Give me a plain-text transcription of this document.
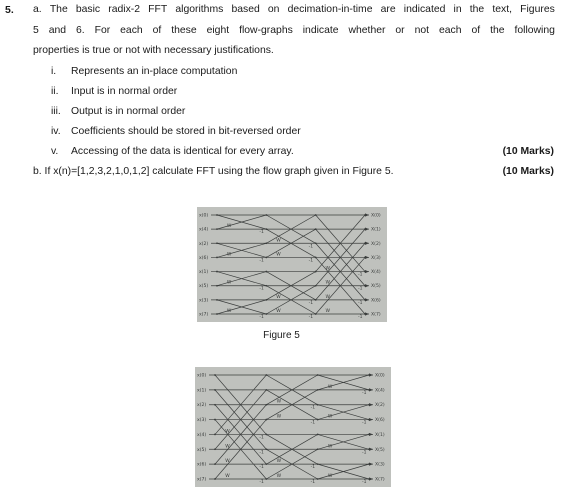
5. a. The basic radix-2 FFT algorithms based on decimation-in-time are indicated in the text, Figures
5 and 6. For each of these eight flow-graphs indicate whether or not each of the following
properties is true or not with necessary justifications.
i. Represents an in-place computation
ii. Input is in normal order
iii. Output is in normal order
iv. Coefficients should be stored in bit-reversed order
v. Accessing of the data is identical for every array.	(10 Marks)
b. If x(n)=[1,2,3,2,1,0,1,2] calculate FFT using the flow graph given in Figure 5.	(10 Marks)
W
-1
W
-1
W
-1
W
-1
W
-1
W
-1
W
-1
W
-1
W
-1
W
-1
W
-1
W
-1
x(0)
x(4)
x(2)
x(6)
x(1)
x(5)
x(3)
x(7)
X(0)
X(1)
X(2)
X(3)
X(4)
X(5)
X(6)
X(7)
Figure 5
W
-1
W
-1
W
-1
W
-1
W
-1
W
-1
W
-1
W
-1
W
-1
W
-1
W
-1
W
-1
x(0)
x(1)
x(2)
x(3)
x(4)
x(5)
x(6)
x(7)
X(0)
X(4)
X(2)
X(6)
X(1)
X(5)
X(3)
X(7)
